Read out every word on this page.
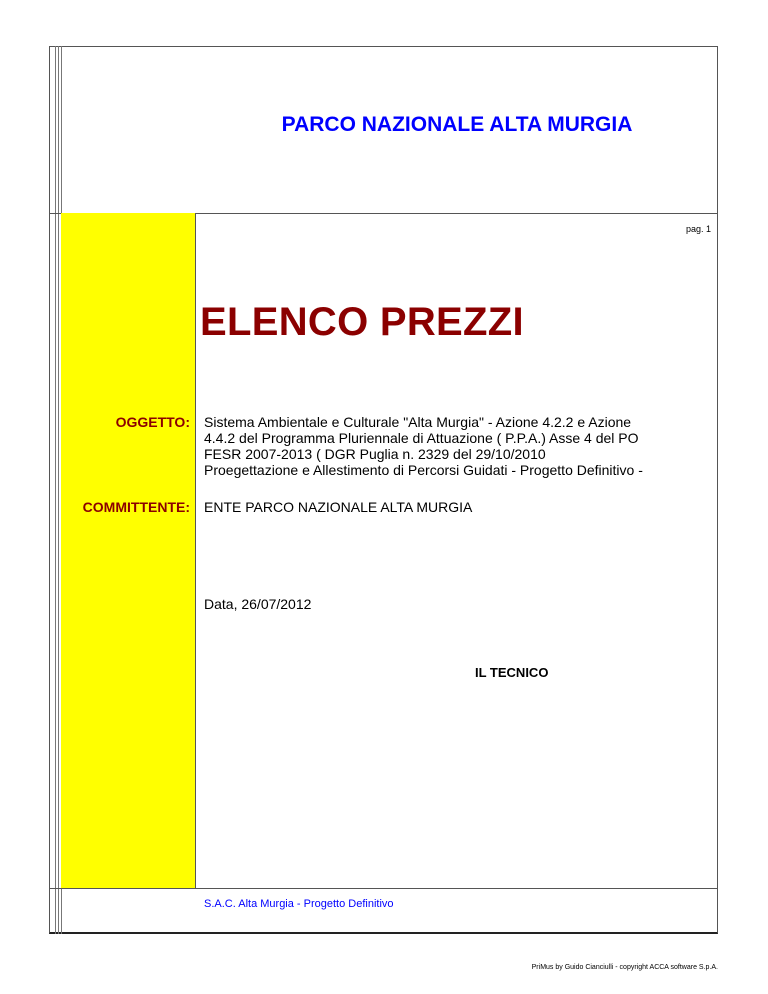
PARCO NAZIONALE ALTA MURGIA
pag. 1
ELENCO PREZZI
OGGETTO: Sistema Ambientale e Culturale "Alta Murgia" - Azione 4.2.2 e Azione
4.4.2 del Programma Pluriennale di Attuazione ( P.P.A.) Asse 4 del PO
FESR 2007-2013 ( DGR Puglia n. 2329 del 29/10/2010
Proegettazione e Allestimento di Percorsi Guidati - Progetto Definitivo -
COMMITTENTE: ENTE PARCO NAZIONALE ALTA MURGIA
Data, 26/07/2012
IL TECNICO
S.A.C. Alta Murgia - Progetto Definitivo
PriMus by Guido Cianciulli - copyright ACCA software S.p.A.
